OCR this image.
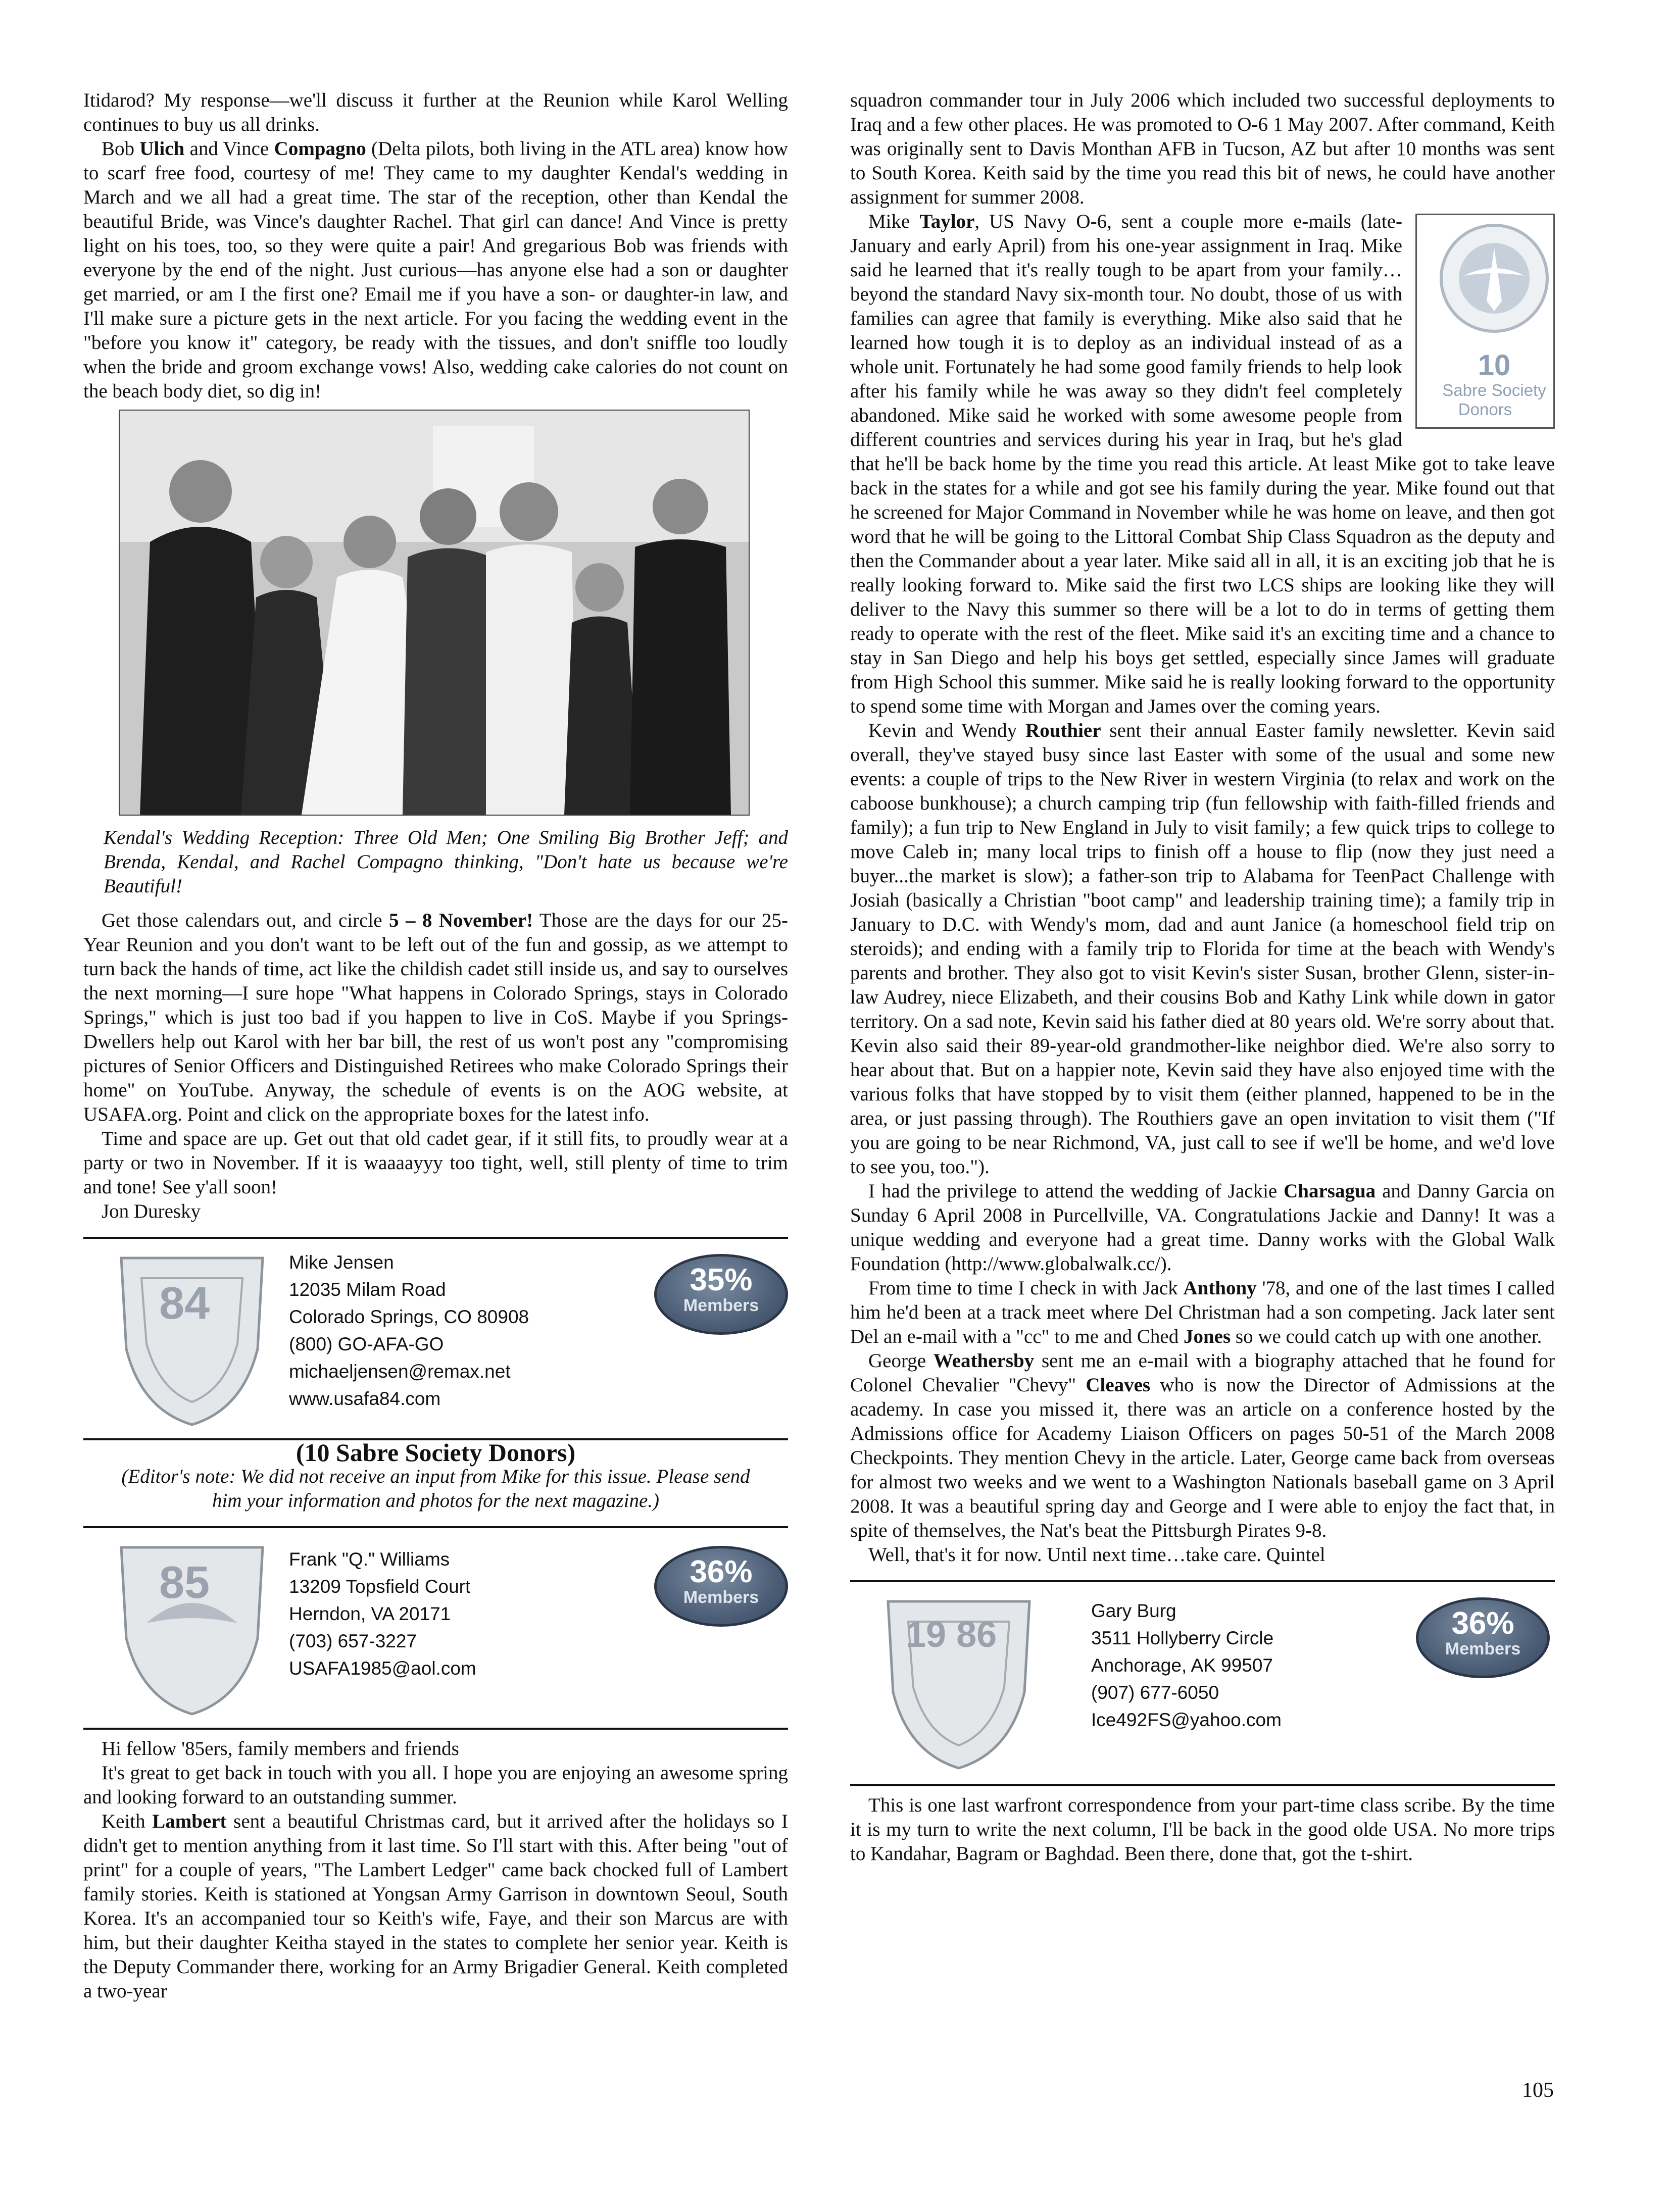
Itidarod? My response—we'll discuss it further at the Reunion while Karol Welling continues to buy us all drinks.

Bob Ulich and Vince Compagno (Delta pilots, both living in the ATL area) know how to scarf free food, courtesy of me! They came to my daughter Kendal's wedding in March and we all had a great time. The star of the reception, other than Kendal the beautiful Bride, was Vince's daughter Rachel. That girl can dance! And Vince is pretty light on his toes, too, so they were quite a pair! And gregarious Bob was friends with everyone by the end of the night. Just curious—has anyone else had a son or daughter get married, or am I the first one? Email me if you have a son- or daughter-in law, and I'll make sure a picture gets in the next article. For you facing the wedding event in the "before you know it" category, be ready with the tissues, and don't sniffle too loudly when the bride and groom exchange vows! Also, wedding cake calories do not count on the beach body diet, so dig in!

Kendal's Wedding Reception: Three Old Men; One Smiling Big Brother Jeff; and Brenda, Kendal, and Rachel Compagno thinking, "Don't hate us because we're Beautiful!

Get those calendars out, and circle 5 – 8 November! Those are the days for our 25-Year Reunion and you don't want to be left out of the fun and gossip, as we attempt to turn back the hands of time, act like the childish cadet still inside us, and say to ourselves the next morning—I sure hope "What happens in Colorado Springs, stays in Colorado Springs," which is just too bad if you happen to live in CoS. Maybe if you Springs-Dwellers help out Karol with her bar bill, the rest of us won't post any "compromising pictures of Senior Officers and Distinguished Retirees who make Colorado Springs their home" on YouTube. Anyway, the schedule of events is on the AOG website, at USAFA.org. Point and click on the appropriate boxes for the latest info.

Time and space are up. Get out that old cadet gear, if it still fits, to proudly wear at a party or two in November. If it is waaaayyy too tight, well, still plenty of time to trim and tone! See y'all soon!

Jon Duresky

84
Mike Jensen
12035 Milam Road
Colorado Springs, CO 80908
(800) GO-AFA-GO
michaeljensen@remax.net
www.usafa84.com
35%
Members

(10 Sabre Society Donors)

(Editor's note: We did not receive an input from Mike for this issue. Please send him your information and photos for the next magazine.)

85	Frank "Q." Williams
13209 Topsfield Court
Herndon, VA 20171
(703) 657-3227
USAFA1985@aol.com
36%
Members

Hi fellow '85ers, family members and friends

It's great to get back in touch with you all. I hope you are enjoying an awesome spring and looking forward to an outstanding summer.

Keith Lambert sent a beautiful Christmas card, but it arrived after the holidays so I didn't get to mention anything from it last time. So I'll start with this. After being "out of print" for a couple of years, "The Lambert Ledger" came back chocked full of Lambert family stories. Keith is stationed at Yongsan Army Garrison in downtown Seoul, South Korea. It's an accompanied tour so Keith's wife, Faye, and their son Marcus are with him, but their daughter Keitha stayed in the states to complete her senior year. Keith is the Deputy Commander there, working for an Army Brigadier General. Keith completed a two-year

squadron commander tour in July 2006 which included two successful deployments to Iraq and a few other places. He was promoted to O-6 1 May 2007. After command, Keith was originally sent to Davis Monthan AFB in Tucson, AZ but after 10 months was sent to South Korea. Keith said by the time you read this bit of news, he could have another assignment for summer 2008.

10
Sabre Society Donors
Mike Taylor, US Navy O-6, sent a couple more e-mails (late-January and early April) from his one-year assignment in Iraq. Mike said he learned that it's really tough to be apart from your family…beyond the standard Navy six-month tour. No doubt, those of us with families can agree that family is everything. Mike also said that he learned how tough it is to deploy as an individual instead of as a whole unit. Fortunately he had some good family friends to help look after his family while he was away so they didn't feel completely abandoned. Mike said he worked with some awesome people from different countries and services during his year in Iraq, but he's glad that he'll be back home by the time you read this article. At least Mike got to take leave back in the states for a while and got see his family during the year. Mike found out that he screened for Major Command in November while he was home on leave, and then got word that he will be going to the Littoral Combat Ship Class Squadron as the deputy and then the Commander about a year later. Mike said all in all, it is an exciting job that he is really looking forward to. Mike said the first two LCS ships are looking like they will deliver to the Navy this summer so there will be a lot to do in terms of getting them ready to operate with the rest of the fleet. Mike said it's an exciting time and a chance to stay in San Diego and help his boys get settled, especially since James will graduate from High School this summer. Mike said he is really looking forward to the opportunity to spend some time with Morgan and James over the coming years.

Kevin and Wendy Routhier sent their annual Easter family newsletter. Kevin said overall, they've stayed busy since last Easter with some of the usual and some new events: a couple of trips to the New River in western Virginia (to relax and work on the caboose bunkhouse); a church camping trip (fun fellowship with faith-filled friends and family); a fun trip to New England in July to visit family; a few quick trips to college to move Caleb in; many local trips to finish off a house to flip (now they just need a buyer...the market is slow); a father-son trip to Alabama for TeenPact Challenge with Josiah (basically a Christian "boot camp" and leadership training time); a family trip in January to D.C. with Wendy's mom, dad and aunt Janice (a homeschool field trip on steroids); and ending with a family trip to Florida for time at the beach with Wendy's parents and brother. They also got to visit Kevin's sister Susan, brother Glenn, sister-in-law Audrey, niece Elizabeth, and their cousins Bob and Kathy Link while down in gator territory. On a sad note, Kevin said his father died at 80 years old. We're sorry about that. Kevin also said their 89-year-old grandmother-like neighbor died. We're also sorry to hear about that. But on a happier note, Kevin said they have also enjoyed time with the various folks that have stopped by to visit them (either planned, happened to be in the area, or just passing through). The Routhiers gave an open invitation to visit them ("If you are going to be near Richmond, VA, just call to see if we'll be home, and we'd love to see you, too.").

I had the privilege to attend the wedding of Jackie Charsagua and Danny Garcia on Sunday 6 April 2008 in Purcellville, VA. Congratulations Jackie and Danny! It was a unique wedding and everyone had a great time. Danny works with the Global Walk Foundation (http://www.globalwalk.cc/).

From time to time I check in with Jack Anthony '78, and one of the last times I called him he'd been at a track meet where Del Christman had a son competing. Jack later sent Del an e-mail with a "cc" to me and Ched Jones so we could catch up with one another.

George Weathersby sent me an e-mail with a biography attached that he found for Colonel Chevalier "Chevy" Cleaves who is now the Director of Admissions at the academy. In case you missed it, there was an article on a conference hosted by the Admissions office for Academy Liaison Officers on pages 50-51 of the March 2008 Checkpoints. They mention Chevy in the article. Later, George came back from overseas for almost two weeks and we went to a Washington Nationals baseball game on 3 April 2008. It was a beautiful spring day and George and I were able to enjoy the fact that, in spite of themselves, the Nat's beat the Pittsburgh Pirates 9-8.

Well, that's it for now. Until next time…take care. Quintel

19 86
Gary Burg
3511 Hollyberry Circle
Anchorage, AK 99507
(907) 677-6050
Ice492FS@yahoo.com
36%
Members

This is one last warfront correspondence from your part-time class scribe. By the time it is my turn to write the next column, I'll be back in the good olde USA. No more trips to Kandahar, Bagram or Baghdad. Been there, done that, got the t-shirt.

105
